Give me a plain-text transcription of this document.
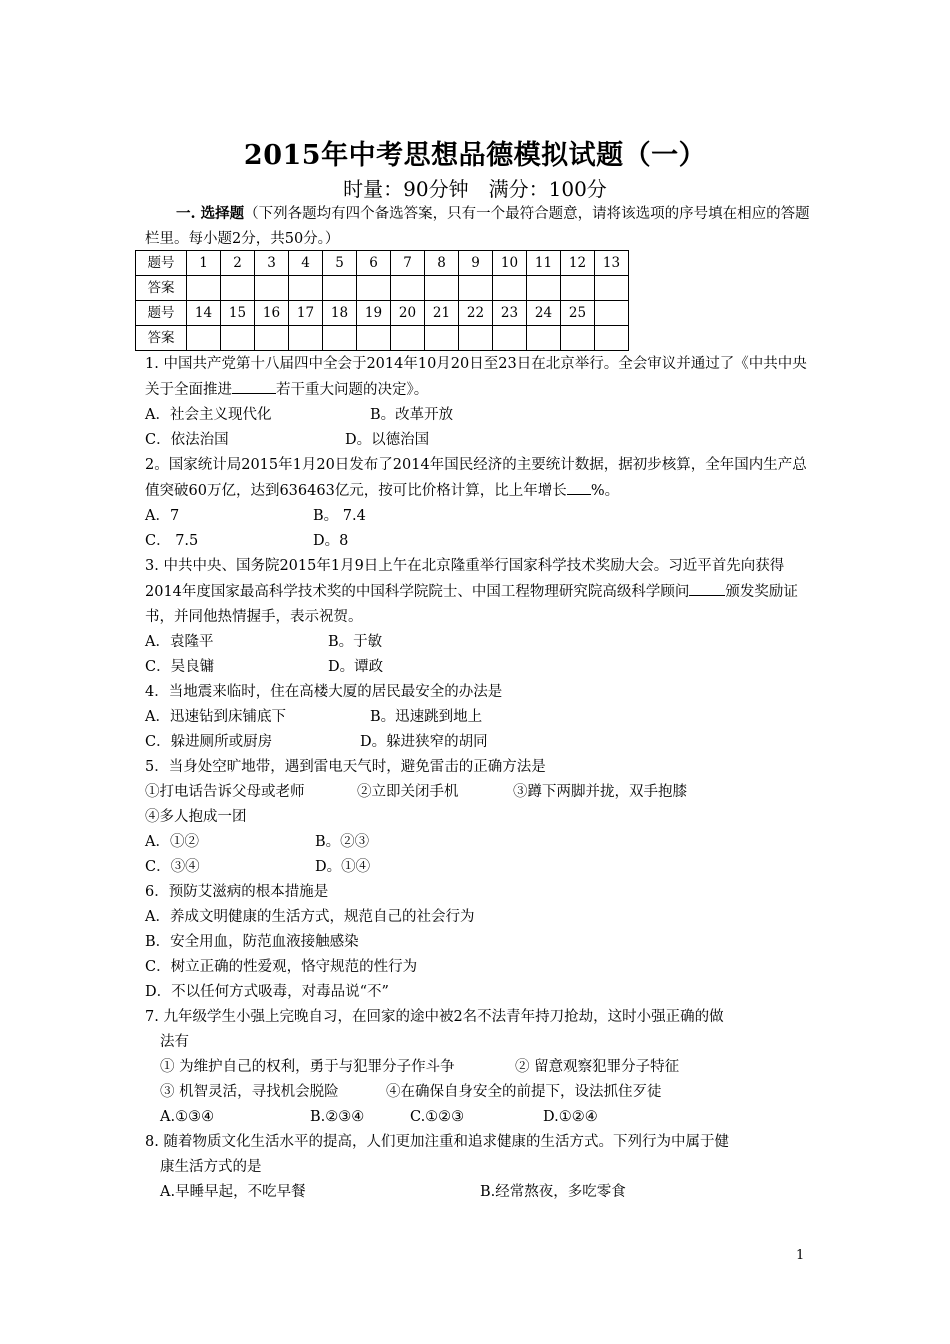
2015年中考思想品德模拟试题（一）
时量：90分钟 满分：100分
一. 选择题（下列各题均有四个备选答案，只有一个最符合题意，请将该选项的序号填在相应的答题栏里。每小题2分，共50分。）
题号	1	2	3	4	5	6	7	8	9	10	11	12	13
答案													
题号	14	15	16	17	18	19	20	21	22	23	24	25	
答案													
1. 中国共产党第十八届四中全会于2014年10月20日至23日在北京举行。全会审议并通过了《中共中央关于全面推进	若干重大问题的决定》。
A．社会主义现代化	B。改革开放
C．依法治国	D。以德治国
2。国家统计局2015年1月20日发布了2014年国民经济的主要统计数据，据初步核算，全年国内生产总值突破60万亿，达到636463亿元，按可比价格计算，比上年增长 %。
A．7	B。 7.4
C． 7.5	D。8
3. 中共中央、国务院2015年1月9日上午在北京隆重举行国家科学技术奖励大会。习近平首先向获得2014年度国家最高科学技术奖的中国科学院院士、中国工程物理研究院高级科学顾问 颁发奖励证书，并同他热情握手，表示祝贺。
A．袁隆平	B。于敏
C．吴良镛	D。谭政
4．当地震来临时，住在高楼大厦的居民最安全的办法是
A．迅速钻到床铺底下	B。迅速跳到地上
C．躲进厕所或厨房	D。躲进狭窄的胡同
5．当身处空旷地带，遇到雷电天气时，避免雷击的正确方法是
①打电话告诉父母或老师	②立即关闭手机	③蹲下两脚并拢，双手抱膝
④多人抱成一团
A．①②	B。②③
C．③④	D。①④
6．预防艾滋病的根本措施是
A．养成文明健康的生活方式，规范自己的社会行为
B．安全用血，防范血液接触感染
C．树立正确的性爱观，恪守规范的性行为
D．不以任何方式吸毒，对毒品说“不”
7. 九年级学生小强上完晚自习，在回家的途中被2名不法青年持刀抢劫，这时小强正确的做
法有
① 为维护自己的权利，勇于与犯罪分子作斗争	② 留意观察犯罪分子特征
③ 机智灵活，寻找机会脱险	④在确保自身安全的前提下，设法抓住歹徒
A.①③④	B.②③④	C.①②③	D.①②④
8. 随着物质文化生活水平的提高，人们更加注重和追求健康的生活方式。下列行为中属于健
康生活方式的是
A.早睡早起，不吃早餐	B.经常熬夜，多吃零食
1
